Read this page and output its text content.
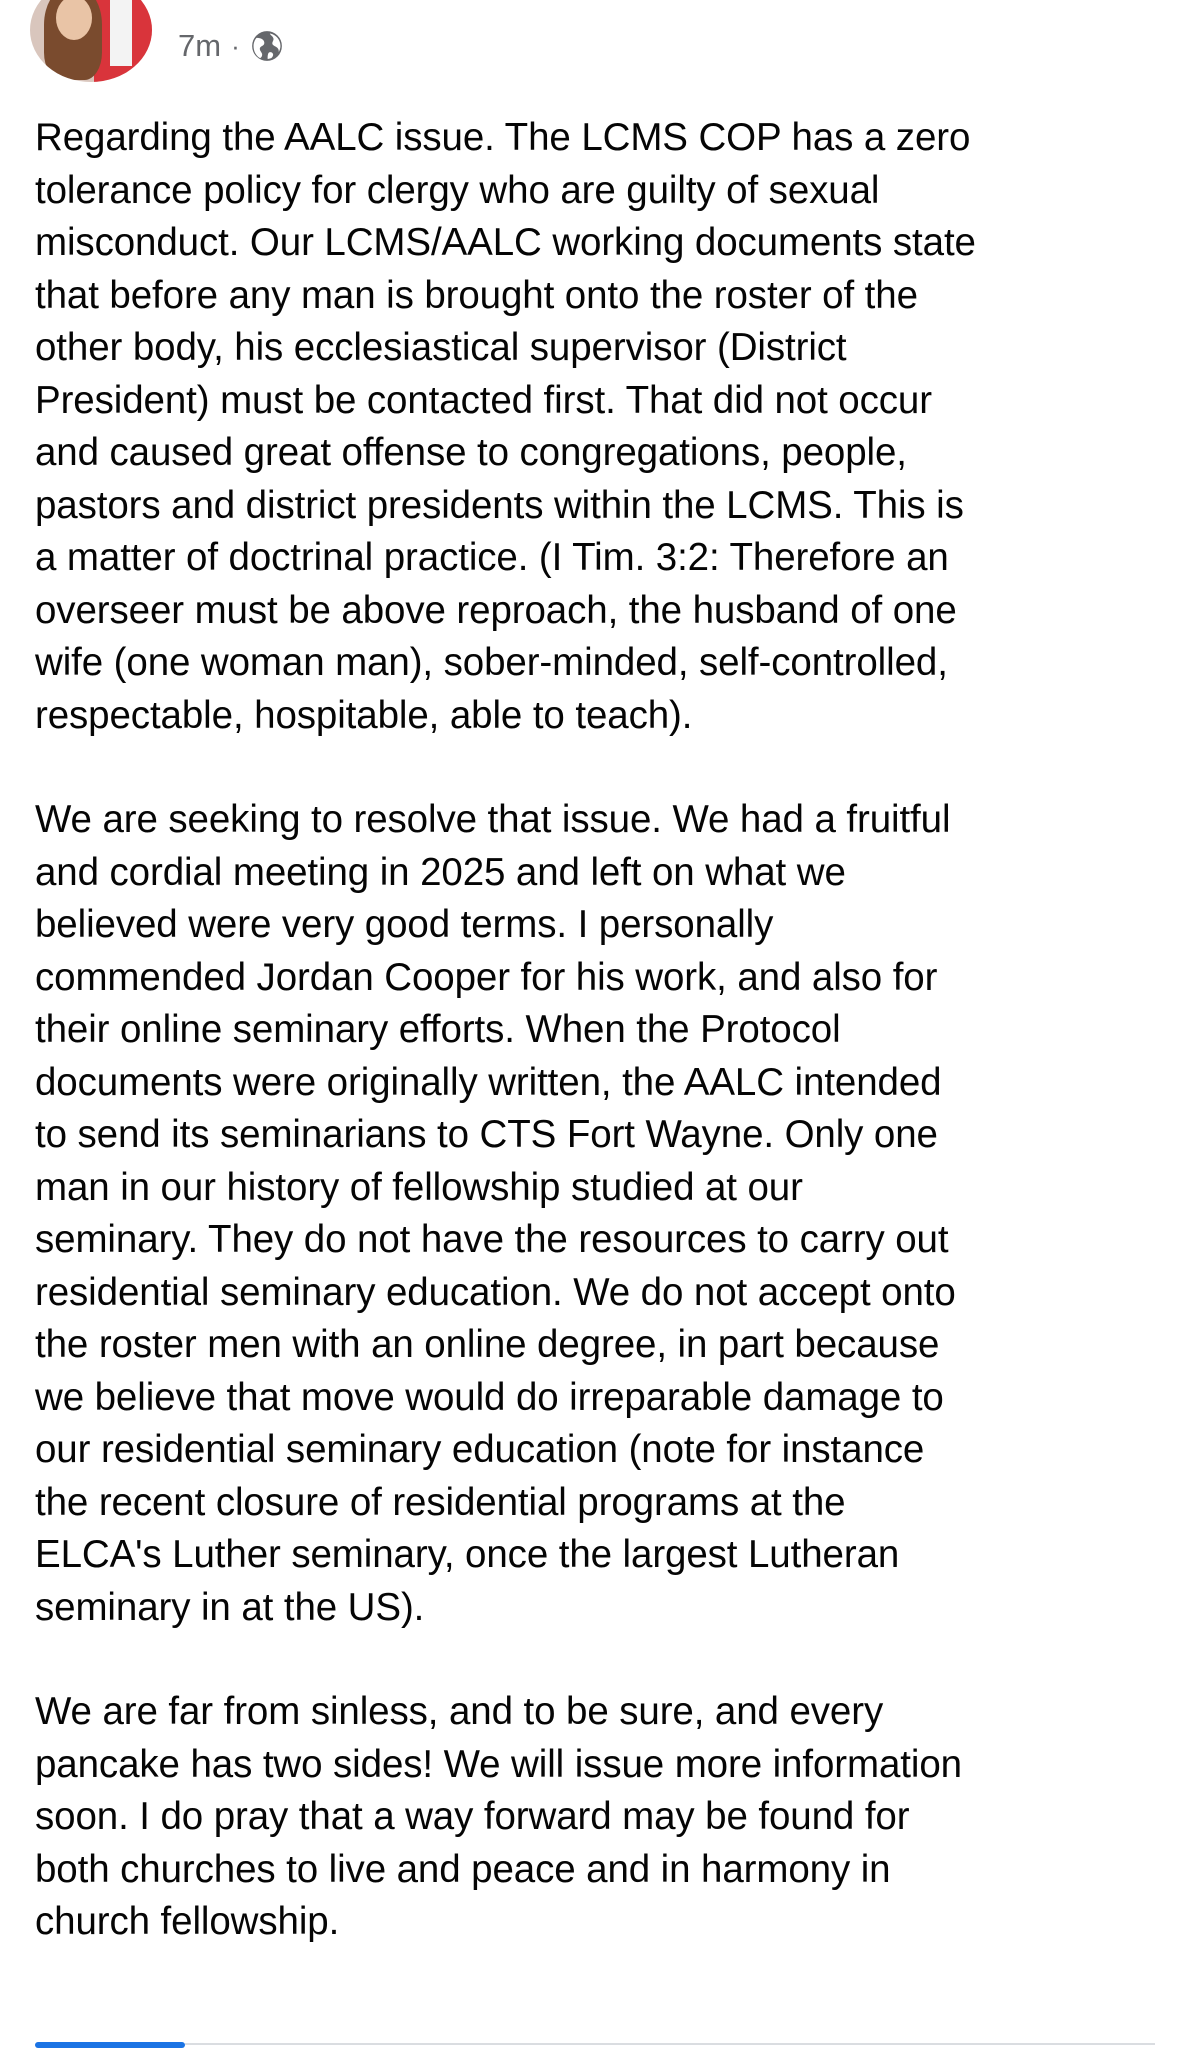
7m ·

Regarding the AALC issue. The LCMS COP has a zero
tolerance policy for clergy who are guilty of sexual
misconduct. Our LCMS/AALC working documents state
that before any man is brought onto the roster of the
other body, his ecclesiastical supervisor (District
President) must be contacted first. That did not occur
and caused great offense to congregations, people,
pastors and district presidents within the LCMS. This is
a matter of doctrinal practice. (I Tim. 3:2: Therefore an
overseer must be above reproach, the husband of one
wife (one woman man), sober-minded, self-controlled,
respectable, hospitable, able to teach).

We are seeking to resolve that issue. We had a fruitful
and cordial meeting in 2025 and left on what we
believed were very good terms. I personally
commended Jordan Cooper for his work, and also for
their online seminary efforts. When the Protocol
documents were originally written, the AALC intended
to send its seminarians to CTS Fort Wayne. Only one
man in our history of fellowship studied at our
seminary. They do not have the resources to carry out
residential seminary education. We do not accept onto
the roster men with an online degree, in part because
we believe that move would do irreparable damage to
our residential seminary education (note for instance
the recent closure of residential programs at the
ELCA's Luther seminary, once the largest Lutheran
seminary in at the US).

We are far from sinless, and to be sure, and every
pancake has two sides! We will issue more information
soon. I do pray that a way forward may be found for
both churches to live and peace and in harmony in
church fellowship.
